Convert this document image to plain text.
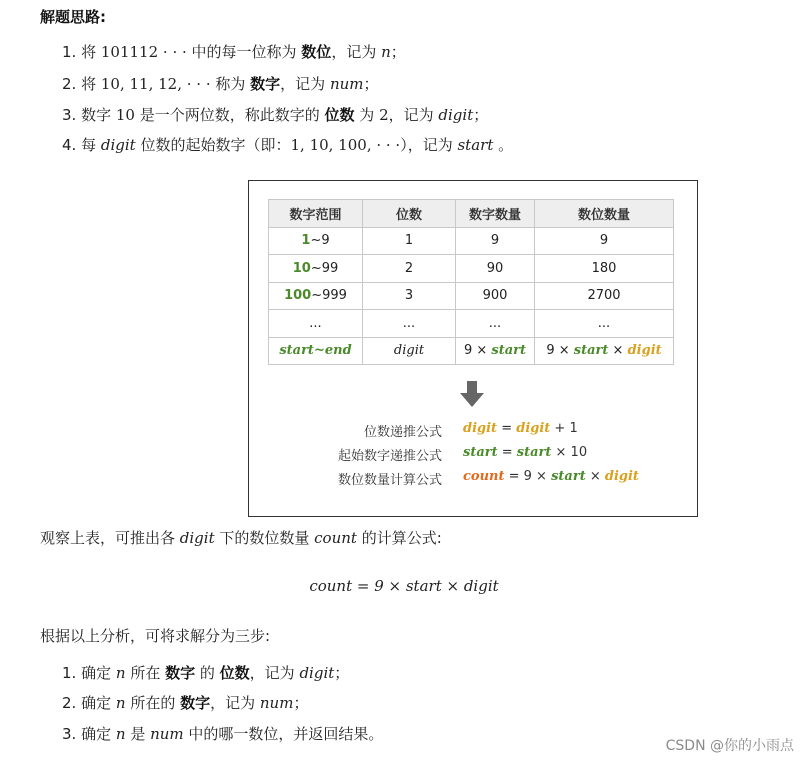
解题思路:
1. 将 101112 · · · 中的每一位称为 数位，记为 n；
2. 将 10, 11, 12, · · · 称为 数字，记为 num；
3. 数字 10 是一个两位数，称此数字的 位数 为 2，记为 digit；
4. 每 digit 位数的起始数字（即：1, 10, 100, · · ·），记为 start 。
数字范围	位数	数字数量	数位数量
1~9	1	9	9
10~99	2	90	180
100~999	3	900	2700
...	...	...	...
start~end	digit	9 × start	9 × start × digit
位数递推公式 digit = digit + 1
起始数字递推公式 start = start × 10
数位数量计算公式 count = 9 × start × digit
观察上表，可推出各 digit 下的数位数量 count 的计算公式:
count = 9 × start × digit
根据以上分析，可将求解分为三步:
1. 确定 n 所在 数字 的 位数，记为 digit；
2. 确定 n 所在的 数字，记为 num；
3. 确定 n 是 num 中的哪一数位，并返回结果。
CSDN @你的小雨点
